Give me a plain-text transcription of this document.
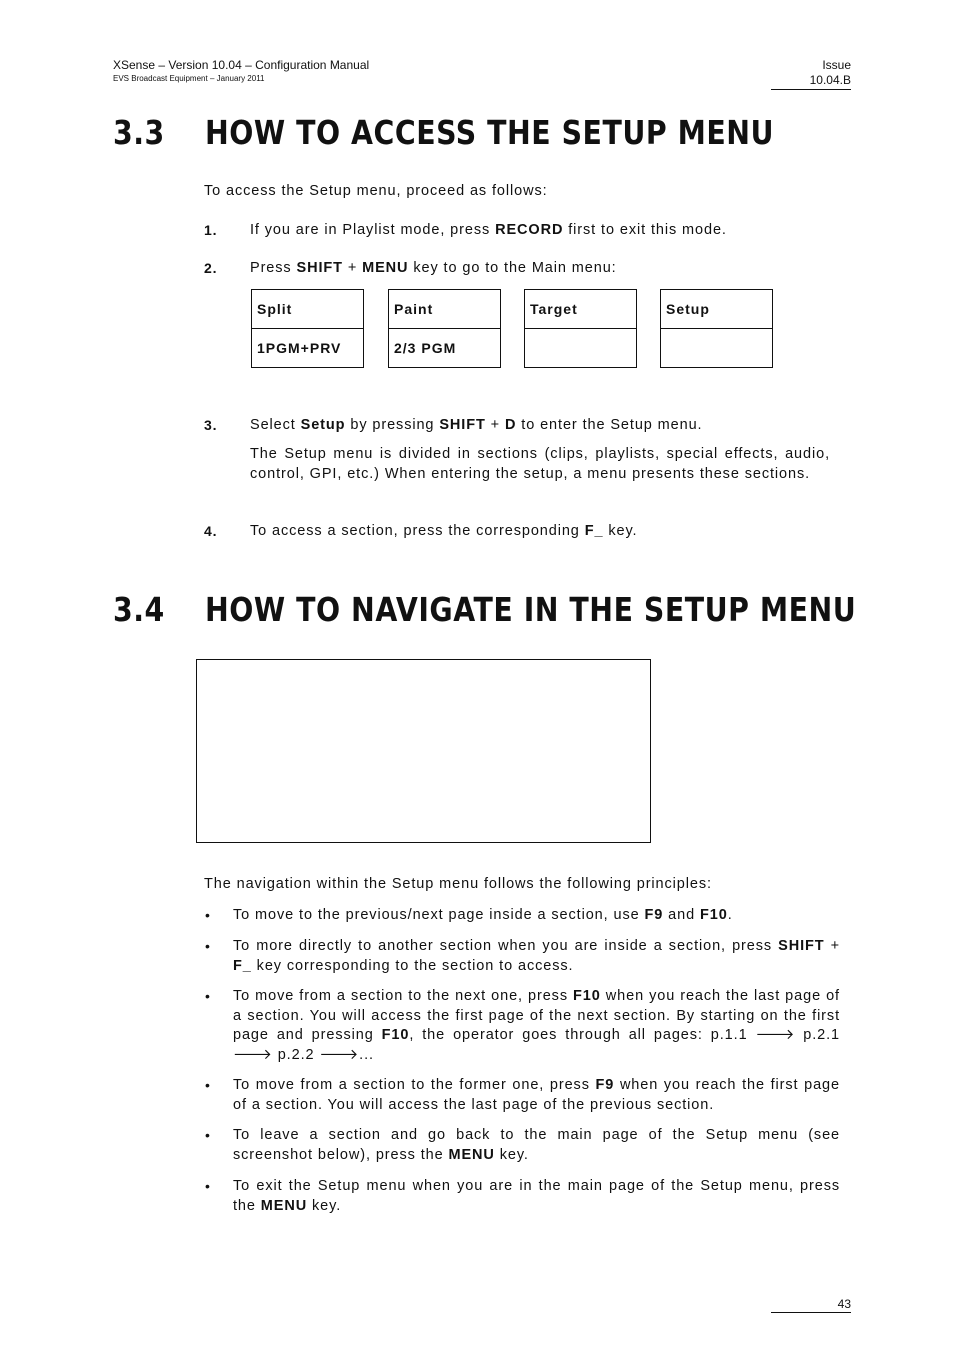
XSense – Version 10.04 – Configuration Manual
EVS Broadcast Equipment – January 2011
Issue
10.04.B
3.3 HOW TO ACCESS THE SETUP MENU
To access the Setup menu, proceed as follows:
1. If you are in Playlist mode, press RECORD first to exit this mode.
2. Press SHIFT + MENU key to go to the Main menu:
Split
1PGM+PRV
Paint
2/3 PGM
Target	Setup
3. Select Setup by pressing SHIFT + D to enter the Setup menu.
The Setup menu is divided in sections (clips, playlists, special effects, audio, control, GPI, etc.) When entering the setup, a menu presents these sections.
4. To access a section, press the corresponding F_ key.
3.4 HOW TO NAVIGATE IN THE SETUP MENU
The navigation within the Setup menu follows the following principles:
• To move to the previous/next page inside a section, use F9 and F10.
• To more directly to another section when you are inside a section, press SHIFT + F_ key corresponding to the section to access.
• To move from a section to the next one, press F10 when you reach the last page of a section. You will access the first page of the next section. By starting on the first page and pressing F10, the operator goes through all pages: p.1.1 🡒 p.2.1 🡒 p.2.2 🡒...
• To move from a section to the former one, press F9 when you reach the first page of a section. You will access the last page of the previous section.
• To leave a section and go back to the main page of the Setup menu (see screenshot below), press the MENU key.
• To exit the Setup menu when you are in the main page of the Setup menu, press the MENU key.
43
